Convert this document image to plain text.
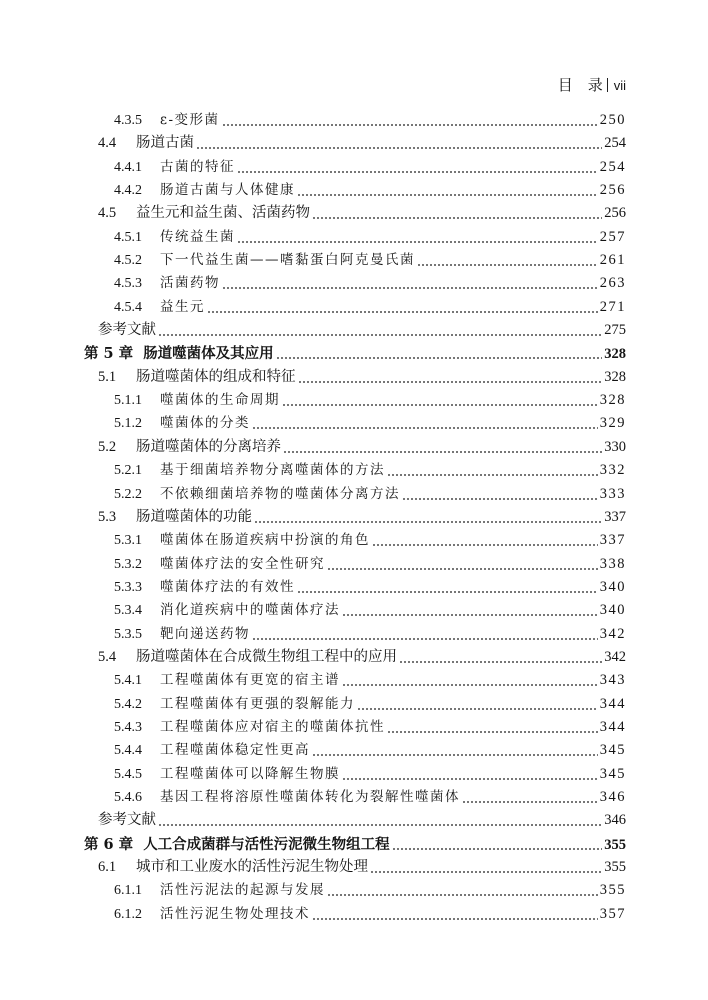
目　录 vii
4.3.5	ε-变形菌	250
4.4	肠道古菌	254
4.4.1	古菌的特征	254
4.4.2	肠道古菌与人体健康	256
4.5	益生元和益生菌、活菌药物	256
4.5.1	传统益生菌	257
4.5.2	下一代益生菌——嗜黏蛋白阿克曼氏菌	261
4.5.3	活菌药物	263
4.5.4	益生元	271
参考文献	275
第 5 章 肠道噬菌体及其应用	328
5.1	肠道噬菌体的组成和特征	328
5.1.1	噬菌体的生命周期	328
5.1.2	噬菌体的分类	329
5.2	肠道噬菌体的分离培养	330
5.2.1	基于细菌培养物分离噬菌体的方法	332
5.2.2	不依赖细菌培养物的噬菌体分离方法	333
5.3	肠道噬菌体的功能	337
5.3.1	噬菌体在肠道疾病中扮演的角色	337
5.3.2	噬菌体疗法的安全性研究	338
5.3.3	噬菌体疗法的有效性	340
5.3.4	消化道疾病中的噬菌体疗法	340
5.3.5	靶向递送药物	342
5.4	肠道噬菌体在合成微生物组工程中的应用	342
5.4.1	工程噬菌体有更宽的宿主谱	343
5.4.2	工程噬菌体有更强的裂解能力	344
5.4.3	工程噬菌体应对宿主的噬菌体抗性	344
5.4.4	工程噬菌体稳定性更高	345
5.4.5	工程噬菌体可以降解生物膜	345
5.4.6	基因工程将溶原性噬菌体转化为裂解性噬菌体	346
参考文献	346
第 6 章 人工合成菌群与活性污泥微生物组工程	355
6.1	城市和工业废水的活性污泥生物处理	355
6.1.1	活性污泥法的起源与发展	355
6.1.2	活性污泥生物处理技术	357
